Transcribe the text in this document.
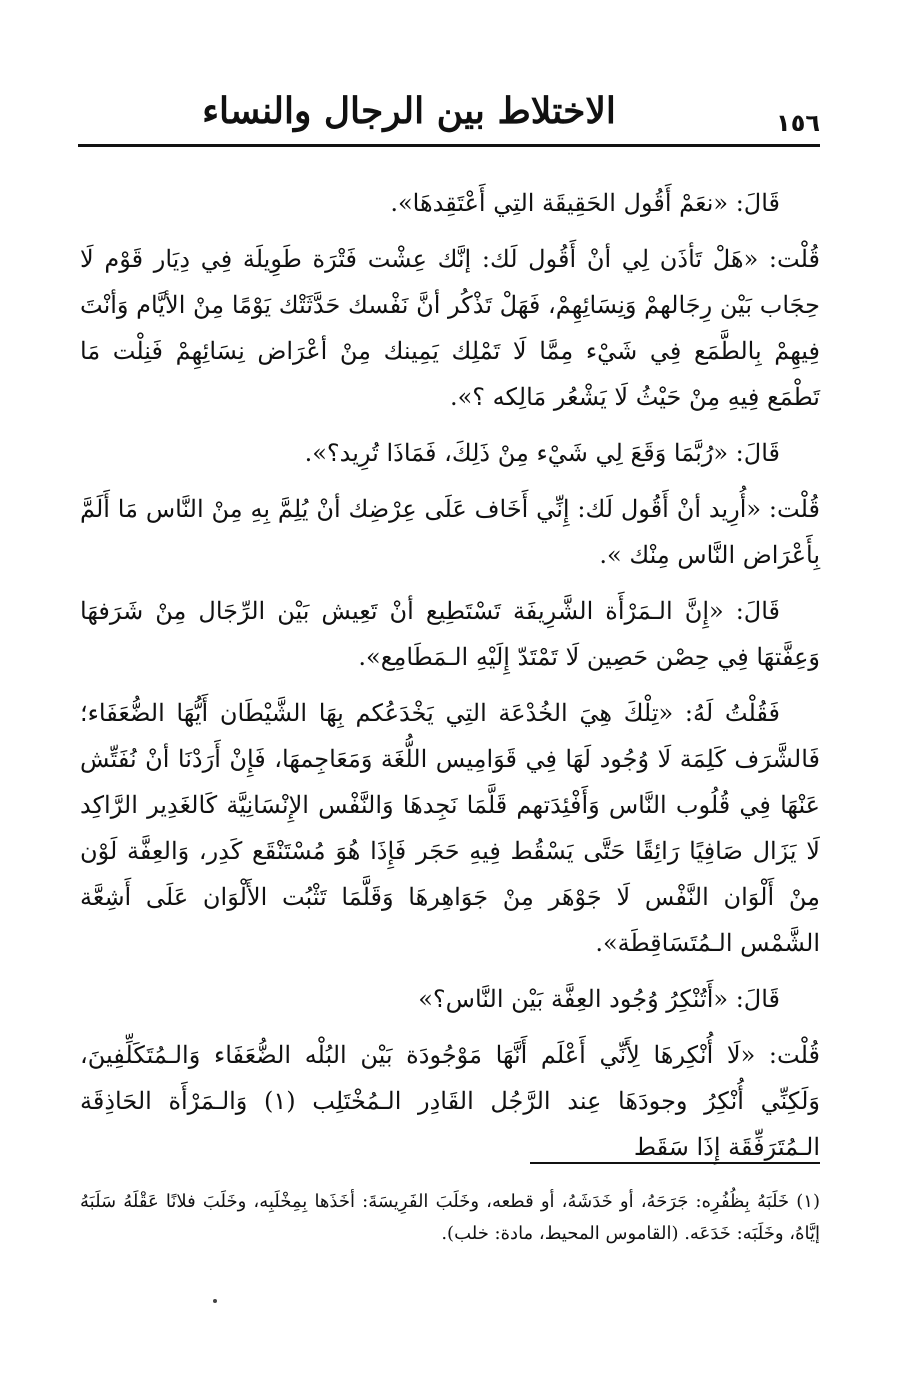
الاختلاط بين الرجال والنساء	١٥٦

قَالَ: «نعَمْ أَقُول الحَقِيقَة التِي أَعْتَقِدهَا».

قُلْت: «هَلْ تَأذَن لِي أنْ أَقُول لَك: إنَّك عِشْت فَتْرَة طَوِيلَة فِي دِيَار قَوْم لَا حِجَاب بَيْن رِجَالهمْ وَنِسَائِهِمْ، فَهَلْ تَذْكُر أنَّ نَفْسك حَدَّثَتْك يَوْمًا مِنْ الأيَّام وَأنْتَ فِيهِمْ بِالطَّمَع فِي شَيْء مِمَّا لَا تَمْلِك يَمِينك مِنْ أعْرَاض نِسَائِهِمْ فَنِلْت مَا تَطْمَع فِيهِ مِنْ حَيْثُ لَا يَشْعُر مَالِكه ؟».

قَالَ: «رُبَّمَا وَقَعَ لِي شَيْء مِنْ ذَلِكَ، فَمَاذَا تُرِيد؟».

قُلْت: «أُرِيد أنْ أَقُول لَك: إِنِّي أَخَاف عَلَى عِرْضِك أنْ يُلِمَّ بِهِ مِنْ النَّاس مَا أَلَمَّ بِأَعْرَاض النَّاس مِنْك ».

قَالَ: «إِنَّ الـمَرْأَة الشَّرِيفَة تَسْتَطِيع أنْ تَعِيش بَيْن الرِّجَال مِنْ شَرَفهَا وَعِفَّتهَا فِي حِصْن حَصِين لَا تَمْتَدّ إِلَيْهِ الـمَطَامِع».

فَقُلْتُ لَهُ: «تِلْكَ هِيَ الخُدْعَة التِي يَخْدَعُكم بِهَا الشَّيْطَان أَيُّهَا الضُّعَفَاء؛ فَالشَّرَف كَلِمَة لَا وُجُود لَهَا فِي قَوَامِيس اللُّغَة وَمَعَاجِمهَا، فَإِنْ أَرَدْنَا أنْ نُفَتِّش عَنْهَا فِي قُلُوب النَّاس وَأَفْئِدَتهم قَلَّمَا نَجِدهَا وَالنَّفْس الإِنْسَانِيَّة كَالغَدِير الرَّاكِد لَا يَزَال صَافِيًا رَائِقًا حَتَّى يَسْقُط فِيهِ حَجَر فَإِذَا هُوَ مُسْتَنْقَع كَدِر، وَالعِفَّة لَوْن مِنْ أَلْوَان النَّفْس لَا جَوْهَر مِنْ جَوَاهِرهَا وَقَلَّمَا تَثْبُت الأَلْوَان عَلَى أَشِعَّة الشَّمْس الـمُتَسَاقِطَة».

قَالَ: «أَتُنْكِرُ وُجُود العِفَّة بَيْن النَّاس؟»

قُلْت: «لَا أُنْكِرهَا لِأَنِّي أَعْلَم أَنَّهَا مَوْجُودَة بَيْن البُلْه الضُّعَفَاء وَالـمُتَكَلِّفِينَ، وَلَكِنِّي أُنْكِرُ وجودَهَا عِند الرَّجُل القَادِر الـمُخْتَلِب (١) وَالـمَرْأَة الحَاذِقَة الـمُتَرَفِّقَة إِذَا سَقَط

(١) خَلَبَهُ بِظُفُرِه: جَرَحَهُ، أو خَدَشَهُ، أو قطعه، وخَلَبَ الفَرِيسَةَ: أخَذَها بِمِخْلَبِه، وخَلَبَ فلانًا عَقْلَهُ سَلَبَهُ إيَّاهُ، وخَلَبَه: خَدَعَه. (القاموس المحيط، مادة: خلب).
